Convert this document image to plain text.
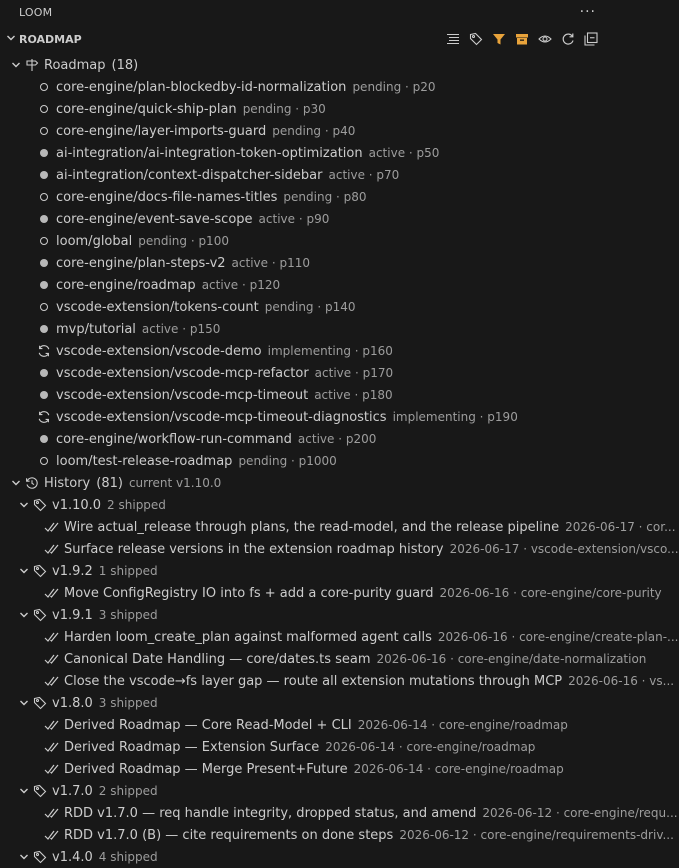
LOOM	···
ROADMAP
Roadmap (18)
core-engine/plan-blockedby-id-normalization pending · p20
core-engine/quick-ship-plan pending · p30
core-engine/layer-imports-guard pending · p40
ai-integration/ai-integration-token-optimization active · p50
ai-integration/context-dispatcher-sidebar active · p70
core-engine/docs-file-names-titles pending · p80
core-engine/event-save-scope active · p90
loom/global pending · p100
core-engine/plan-steps-v2 active · p110
core-engine/roadmap active · p120
vscode-extension/tokens-count pending · p140
mvp/tutorial active · p150
vscode-extension/vscode-demo implementing · p160
vscode-extension/vscode-mcp-refactor active · p170
vscode-extension/vscode-mcp-timeout active · p180
vscode-extension/vscode-mcp-timeout-diagnostics implementing · p190
core-engine/workflow-run-command active · p200
loom/test-release-roadmap pending · p1000
History (81) current v1.10.0
v1.10.0 2 shipped
Wire actual_release through plans, the read-model, and the release pipeline 2026-06-17 · cor...
Surface release versions in the extension roadmap history 2026-06-17 · vscode-extension/vsco...
v1.9.2 1 shipped
Move ConfigRegistry IO into fs + add a core-purity guard 2026-06-16 · core-engine/core-purity
v1.9.1 3 shipped
Harden loom_create_plan against malformed agent calls 2026-06-16 · core-engine/create-plan-...
Canonical Date Handling — core/dates.ts seam 2026-06-16 · core-engine/date-normalization
Close the vscode→fs layer gap — route all extension mutations through MCP 2026-06-16 · vs...
v1.8.0 3 shipped
Derived Roadmap — Core Read-Model + CLI 2026-06-14 · core-engine/roadmap
Derived Roadmap — Extension Surface 2026-06-14 · core-engine/roadmap
Derived Roadmap — Merge Present+Future 2026-06-14 · core-engine/roadmap
v1.7.0 2 shipped
RDD v1.7.0 — req handle integrity, dropped status, and amend 2026-06-12 · core-engine/requ...
RDD v1.7.0 (B) — cite requirements on done steps 2026-06-12 · core-engine/requirements-driv...
v1.4.0 4 shipped
